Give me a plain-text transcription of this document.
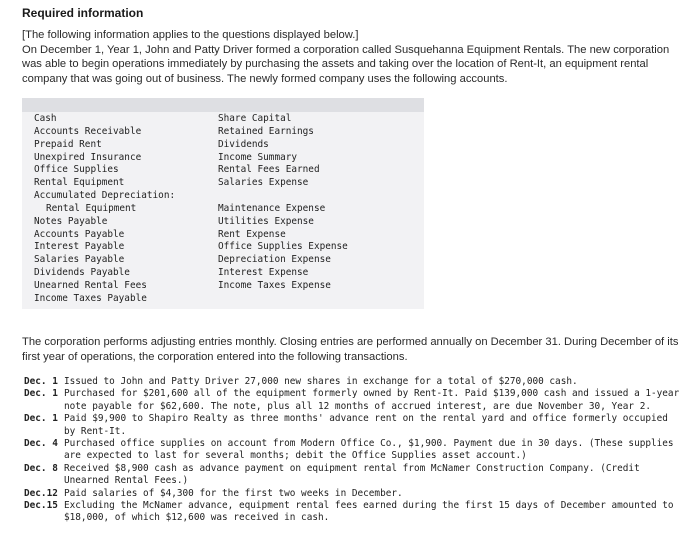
Required information

[The following information applies to the questions displayed below.]

On December 1, Year 1, John and Patty Driver formed a corporation called Susquehanna Equipment Rentals. The new corporation was able to begin operations immediately by purchasing the assets and taking over the location of Rent-It, an equipment rental company that was going out of business. The newly formed company uses the following accounts.

Cash
Accounts Receivable
Prepaid Rent
Unexpired Insurance
Office Supplies
Rental Equipment
Accumulated Depreciation:
Rental Equipment
Notes Payable
Accounts Payable
Interest Payable
Salaries Payable
Dividends Payable
Unearned Rental Fees
Income Taxes Payable
Share Capital
Retained Earnings
Dividends
Income Summary
Rental Fees Earned
Salaries Expense
Maintenance Expense
Utilities Expense
Rent Expense
Office Supplies Expense
Depreciation Expense
Interest Expense
Income Taxes Expense

The corporation performs adjusting entries monthly. Closing entries are performed annually on December 31. During December of its first year of operations, the corporation entered into the following transactions.

Dec. 1 Issued to John and Patty Driver 27,000 new shares in exchange for a total of $270,000 cash.
Dec. 1 Purchased for $201,600 all of the equipment formerly owned by Rent-It. Paid $139,000 cash and issued a 1-year note payable for $62,600. The note, plus all 12 months of accrued interest, are due November 30, Year 2.
Dec. 1 Paid $9,900 to Shapiro Realty as three months' advance rent on the rental yard and office formerly occupied by Rent-It.
Dec. 4 Purchased office supplies on account from Modern Office Co., $1,900. Payment due in 30 days. (These supplies are expected to last for several months; debit the Office Supplies asset account.)
Dec. 8 Received $8,900 cash as advance payment on equipment rental from McNamer Construction Company. (Credit Unearned Rental Fees.)
Dec.12 Paid salaries of $4,300 for the first two weeks in December.
Dec.15 Excluding the McNamer advance, equipment rental fees earned during the first 15 days of December amounted to $18,000, of which $12,600 was received in cash.
